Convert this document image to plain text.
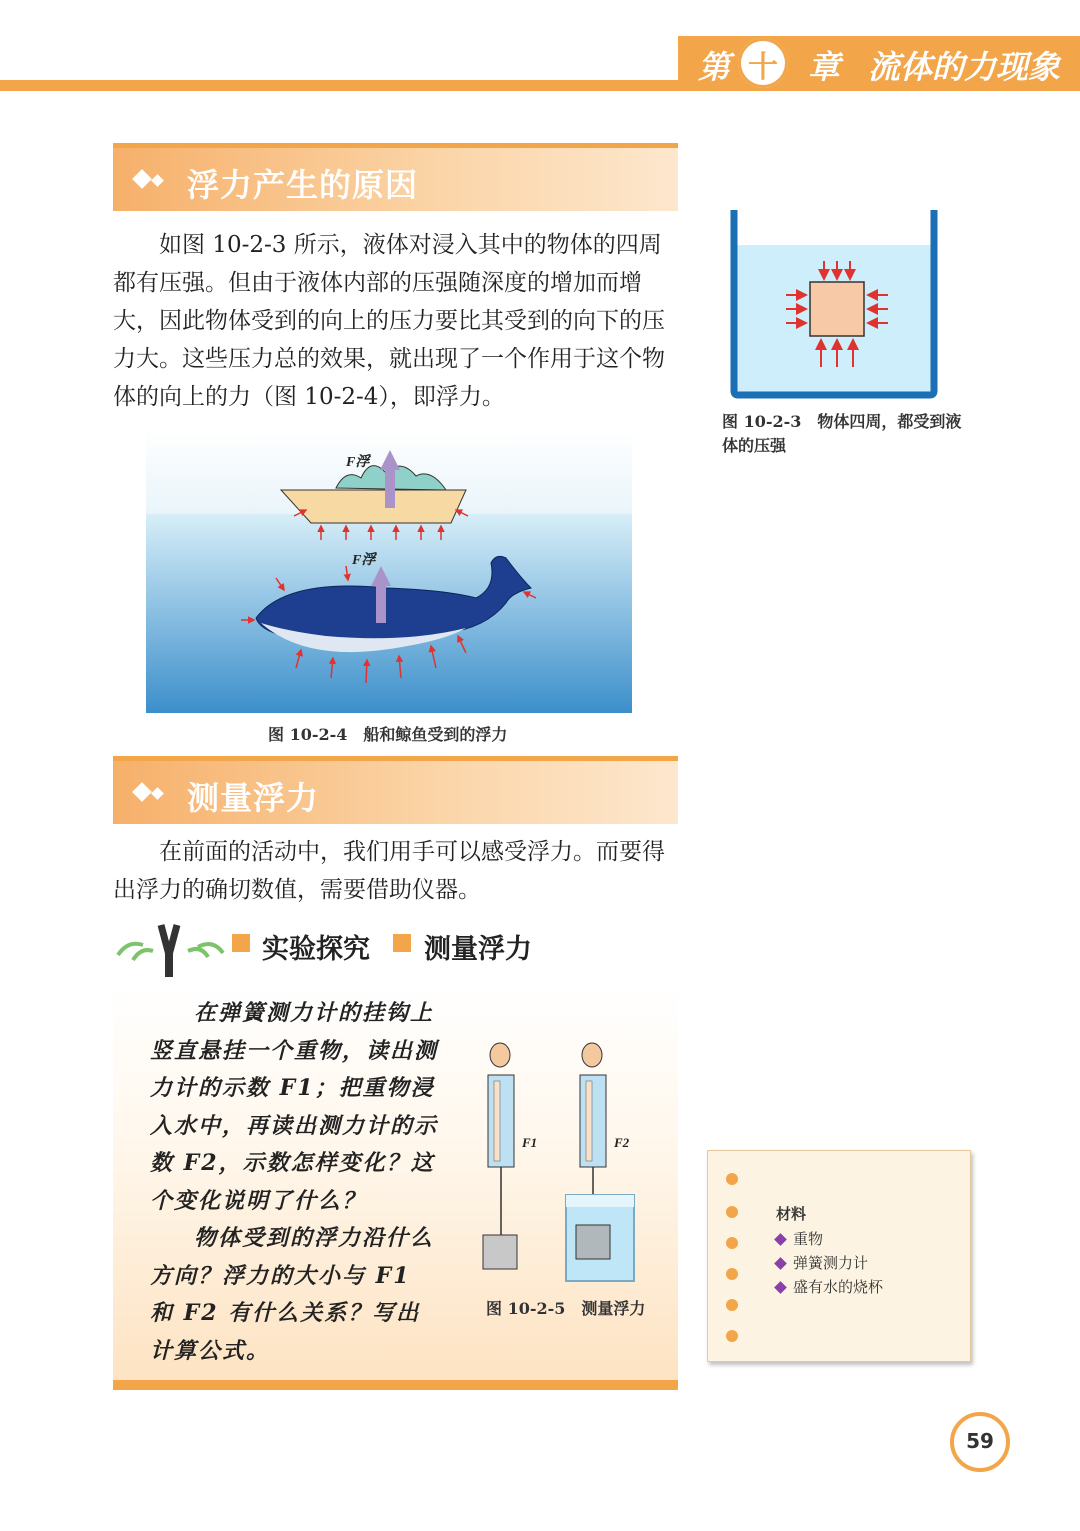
第 十 章 流体的力现象
浮力产生的原因

如图 10-2-3 所示，液体对浸入其中的物体的四周都有压强。但由于液体内部的压强随深度的增加而增大，因此物体受到的向上的压力要比其受到的向下的压力大。这些压力总的效果，就出现了一个作用于这个物体的向上的力（图 10-2-4），即浮力。

图 10-2-3　物体四周，都受到液体的压强
F浮
F浮
图 10-2-4　船和鲸鱼受到的浮力
测量浮力

在前面的活动中，我们用手可以感受浮力。而要得出浮力的确切数值，需要借助仪器。

实验探究 测量浮力

在弹簧测力计的挂钩上竖直悬挂一个重物，读出测力计的示数 F1；把重物浸入水中，再读出测力计的示数 F2，示数怎样变化？这个变化说明了什么？

物体受到的浮力沿什么方向？浮力的大小与 F1 和 F2 有什么关系？写出计算公式。

F1	F2
图 10-2-5　测量浮力
材料
重物
弹簧测力计
盛有水的烧杯
59
